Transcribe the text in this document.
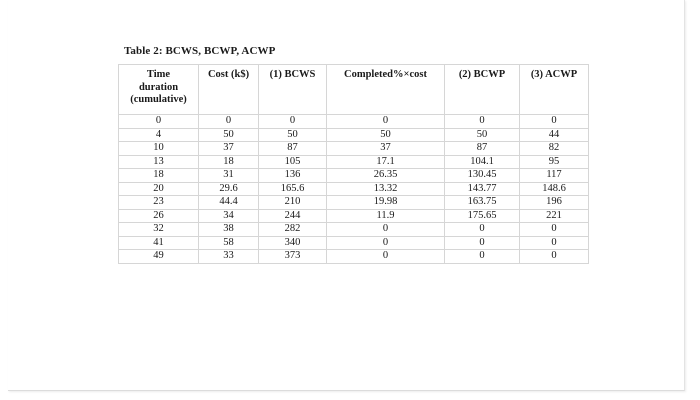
Table 2: BCWS, BCWP, ACWP
Time
duration
(cumulative)	Cost (k$)	(1) BCWS	Completed%×cost	(2) BCWP	(3) ACWP
0	0	0	0	0	0
4	50	50	50	50	44
10	37	87	37	87	82
13	18	105	17.1	104.1	95
18	31	136	26.35	130.45	117
20	29.6	165.6	13.32	143.77	148.6
23	44.4	210	19.98	163.75	196
26	34	244	11.9	175.65	221
32	38	282	0	0	0
41	58	340	0	0	0
49	33	373	0	0	0
